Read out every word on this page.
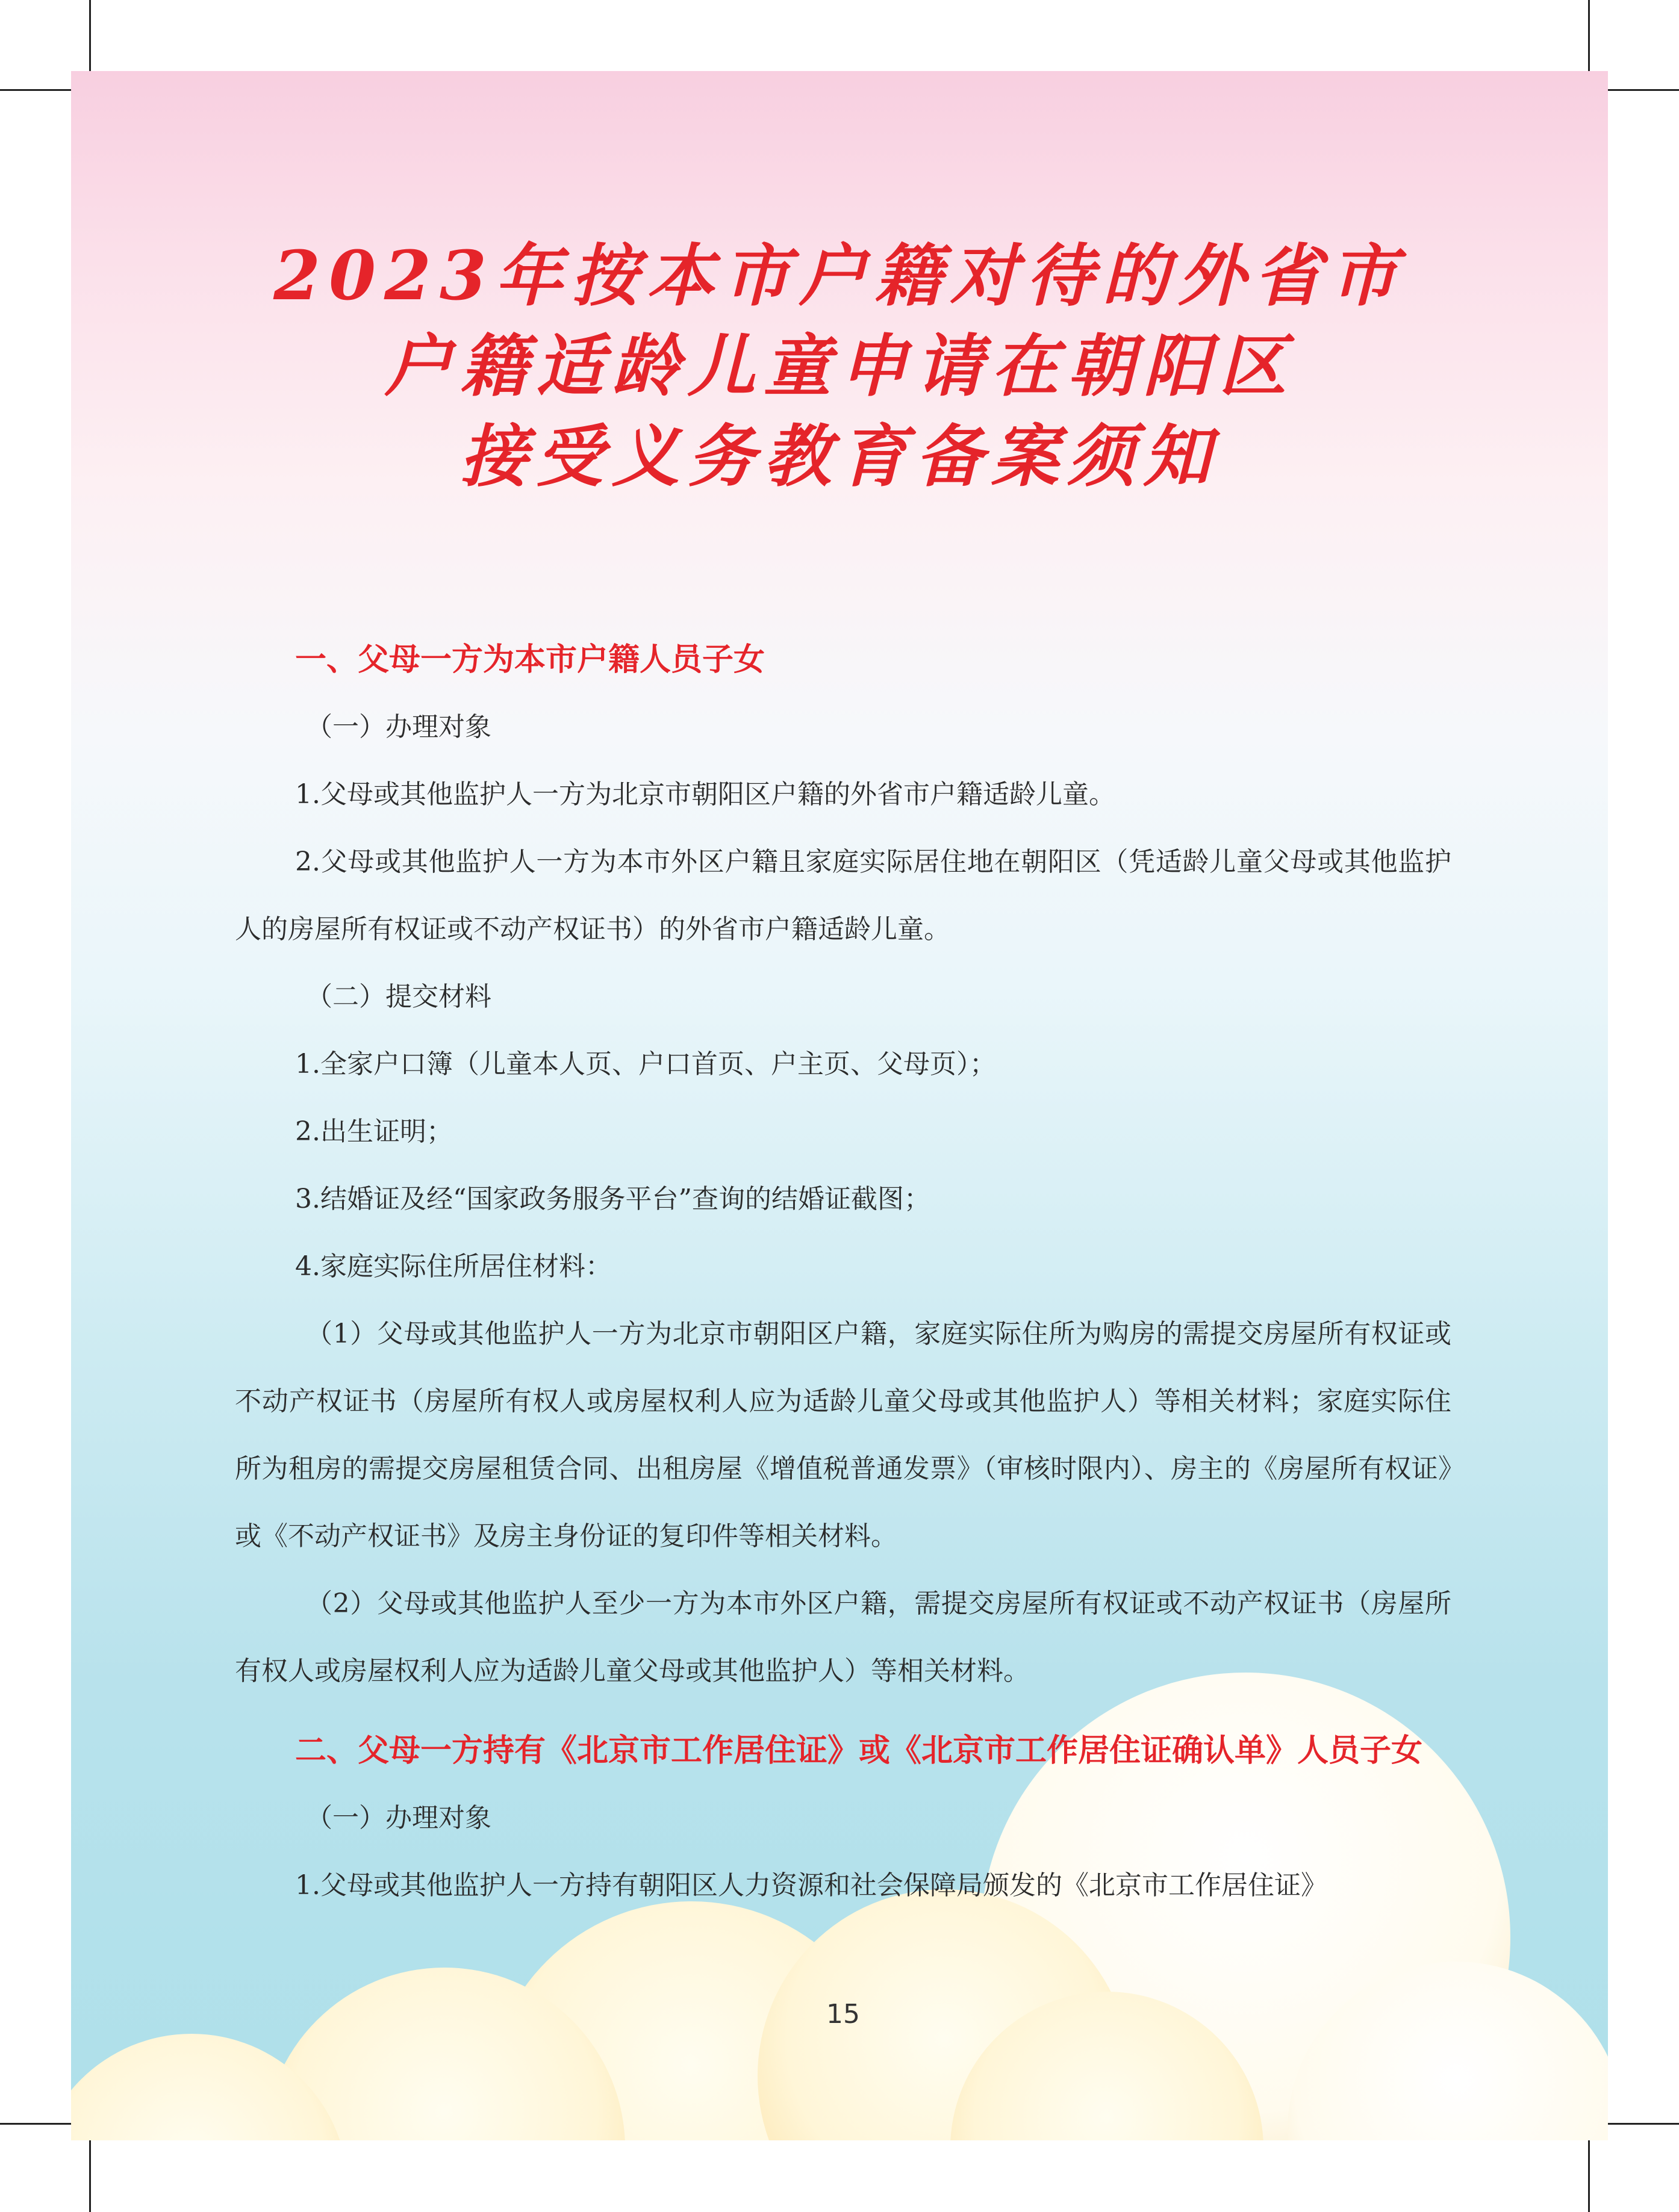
2023年按本市户籍对待的外省市
户籍适龄儿童申请在朝阳区
接受义务教育备案须知

一、父母一方为本市户籍人员子女

（一）办理对象

1.父母或其他监护人一方为北京市朝阳区户籍的外省市户籍适龄儿童。

2.父母或其他监护人一方为本市外区户籍且家庭实际居住地在朝阳区（凭适龄儿童父母或其他监护人的房屋所有权证或不动产权证书）的外省市户籍适龄儿童。

（二）提交材料

1.全家户口簿（儿童本人页、户口首页、户主页、父母页）；

2.出生证明；

3.结婚证及经“国家政务服务平台”查询的结婚证截图；

4.家庭实际住所居住材料：

（1）父母或其他监护人一方为北京市朝阳区户籍，家庭实际住所为购房的需提交房屋所有权证或不动产权证书（房屋所有权人或房屋权利人应为适龄儿童父母或其他监护人）等相关材料；家庭实际住所为租房的需提交房屋租赁合同、出租房屋《增值税普通发票》（审核时限内）、房主的《房屋所有权证》或《不动产权证书》及房主身份证的复印件等相关材料。

（2）父母或其他监护人至少一方为本市外区户籍，需提交房屋所有权证或不动产权证书（房屋所有权人或房屋权利人应为适龄儿童父母或其他监护人）等相关材料。

二、父母一方持有《北京市工作居住证》或《北京市工作居住证确认单》人员子女

（一）办理对象

1.父母或其他监护人一方持有朝阳区人力资源和社会保障局颁发的《北京市工作居住证》

15
